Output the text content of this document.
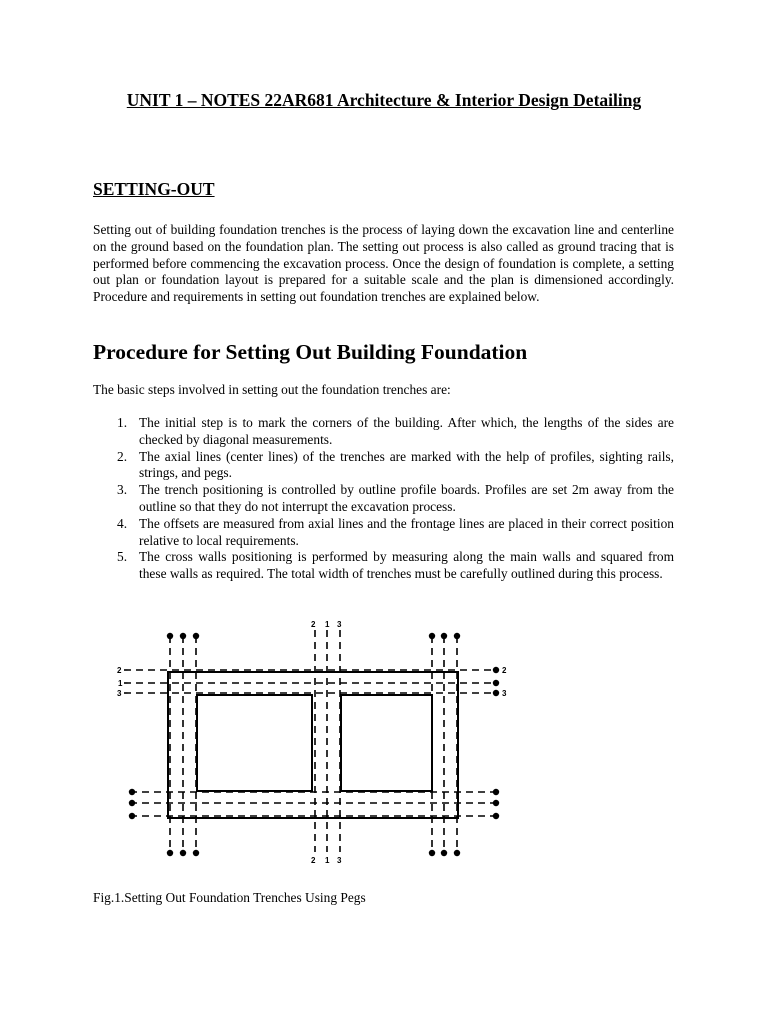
UNIT 1 – NOTES 22AR681 Architecture & Interior Design Detailing
SETTING-OUT

Setting out of building foundation trenches is the process of laying down the excavation line and centerline on the ground based on the foundation plan. The setting out process is also called as ground tracing that is performed before commencing the excavation process. Once the design of foundation is complete, a setting out plan or foundation layout is prepared for a suitable scale and the plan is dimensioned accordingly. Procedure and requirements in setting out foundation trenches are explained below.

Procedure for Setting Out Building Foundation

The basic steps involved in setting out the foundation trenches are:

1. The initial step is to mark the corners of the building. After which, the lengths of the sides are checked by diagonal measurements.
2. The axial lines (center lines) of the trenches are marked with the help of profiles, sighting rails, strings, and pegs.
3. The trench positioning is controlled by outline profile boards. Profiles are set 2m away from the outline so that they do not interrupt the excavation process.
4. The offsets are measured from axial lines and the frontage lines are placed in their correct position relative to local requirements.
5. The cross walls positioning is performed by measuring along the main walls and squared from these walls as required. The total width of trenches must be carefully outlined during this process.
2 1 3
2 1 3
2
1
3
2
3

Fig.1.Setting Out Foundation Trenches Using Pegs
